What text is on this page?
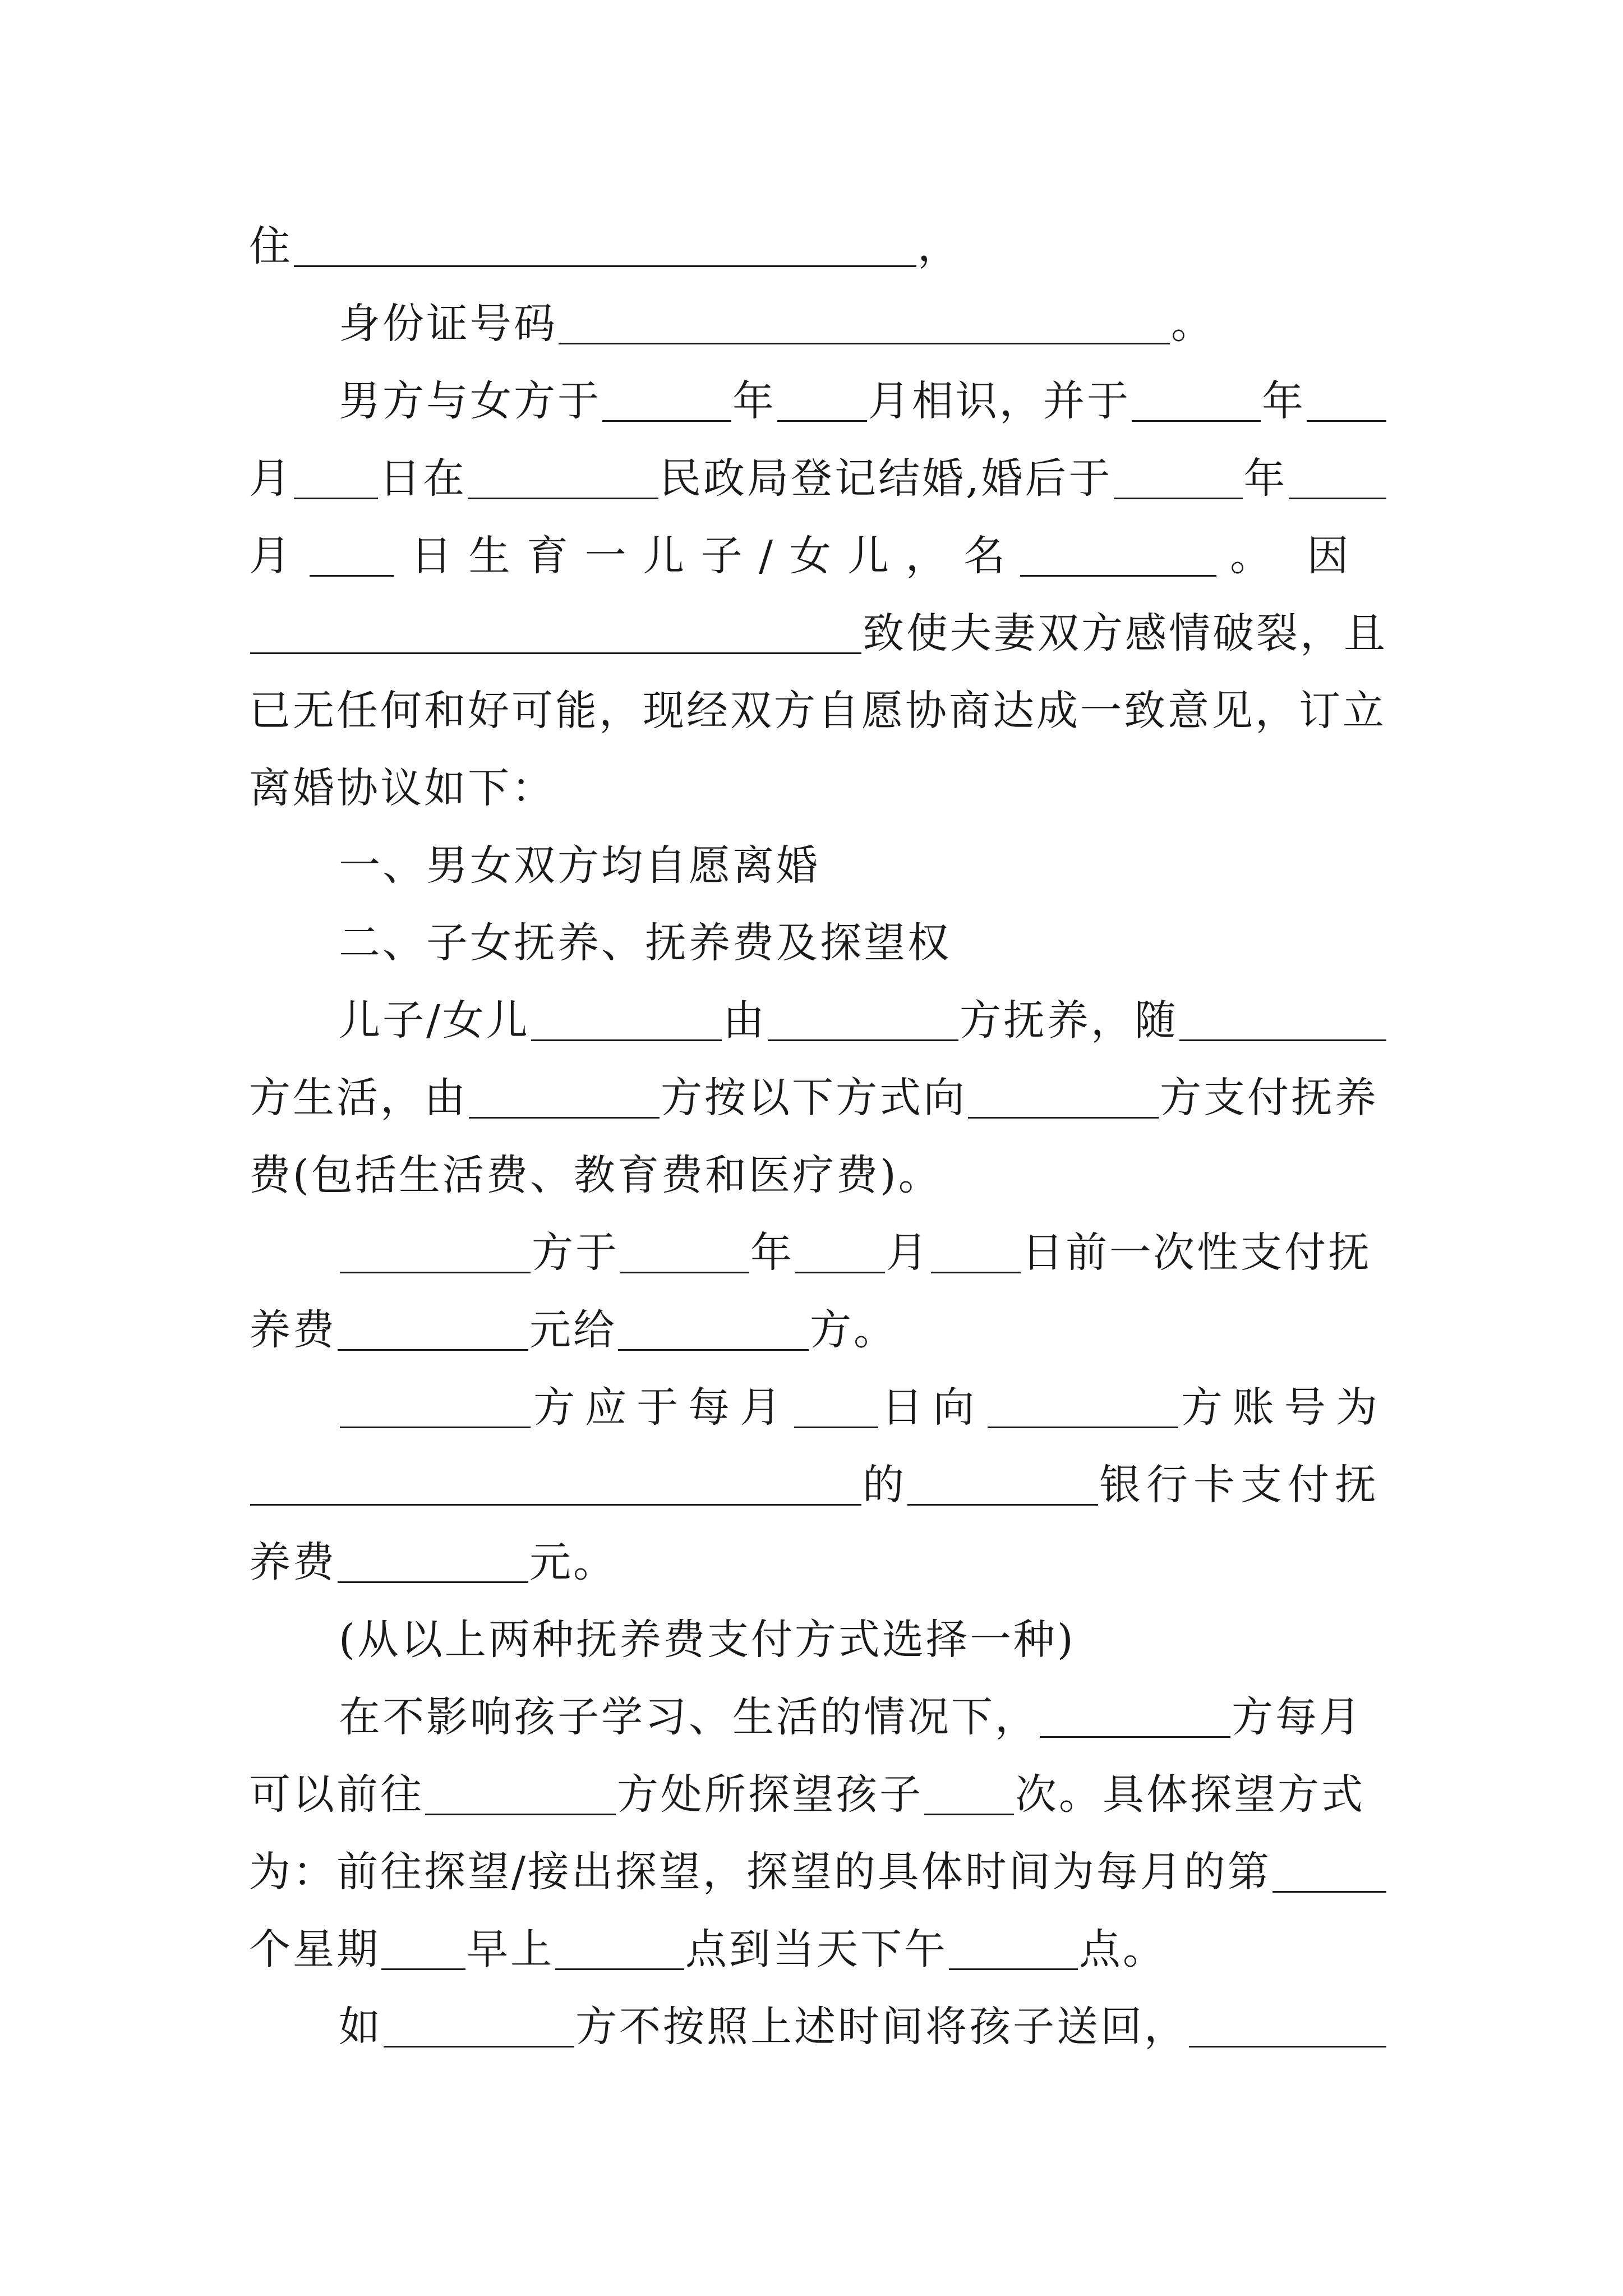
住	，
身份证号码	。
男方与女方于	年 月相识，并于	年
月 日在	民政局登记结婚,婚后于	年
月	日 生 育 一 儿 子 / 女 儿 ， 名	。 因
致使夫妻双方感情破裂，且
已无任何和好可能，现经双方自愿协商达成一致意见，订立
离婚协议如下：
一、男女双方均自愿离婚
二、子女抚养、抚养费及探望权
儿子/女儿	由	方抚养，随
方生活，由	方按以下方式向	方支付抚养
费(包括生活费、教育费和医疗费)。
方于	年 月 日前一次性支付抚
养费	元给	方。
方应于每月 日向	方账号为
的	银行卡支付抚
养费	元。
(从以上两种抚养费支付方式选择一种)
在不影响孩子学习、生活的情况下，	方每月
可以前往	方处所探望孩子 次。具体探望方式
为：前往探望/接出探望，探望的具体时间为每月的第
个星期 早上	点到当天下午	点。
如	方不按照上述时间将孩子送回，
